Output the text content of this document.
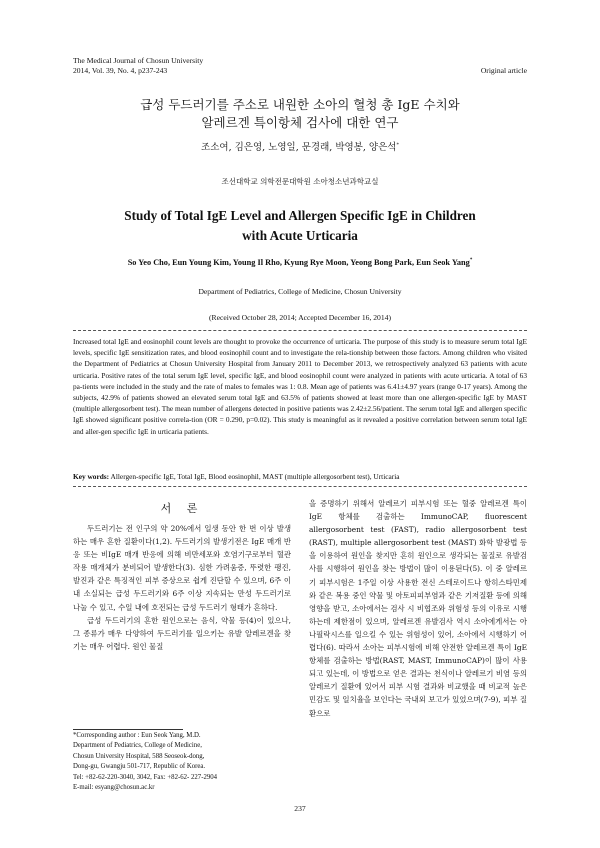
The Medical Journal of Chosun University
2014, Vol. 39, No. 4, p237-243	Original article
급성 두드러기를 주소로 내원한 소아의 혈청 총 IgE 수치와
알레르겐 특이항체 검사에 대한 연구
조소여, 김은영, 노영일, 문경래, 박영봉, 양은석*
조선대학교 의학전문대학원 소아청소년과학교실
Study of Total IgE Level and Allergen Specific IgE in Children
with Acute Urticaria
So Yeo Cho, Eun Young Kim, Young Il Rho, Kyung Rye Moon, Yeong Bong Park, Eun Seok Yang*
Department of Pediatrics, College of Medicine, Chosun University
(Received October 28, 2014; Accepted December 16, 2014)
Increased total IgE and eosinophil count levels are thought to provoke the occurrence of urticaria. The purpose of this study is to measure serum total IgE levels, specific IgE sensitization rates, and blood eosinophil count and to investigate the rela-tionship between those factors. Among children who visited the Department of Pediatrics at Chosun University Hospital from January 2011 to December 2013, we retrospectively analyzed 63 patients with acute urticaria. Positive rates of the total serum IgE level, specific IgE, and blood eosinophil count were analyzed in patients with acute urticaria. A total of 63 pa-tients were included in the study and the rate of males to females was 1: 0.8. Mean age of patients was 6.41±4.97 years (range 0-17 years). Among the subjects, 42.9% of patients showed an elevated serum total IgE and 63.5% of patients showed at least more than one allergen-specific IgE by MAST (multiple allergosorbent test). The mean number of allergens detected in positive patients was 2.42±2.56/patient. The serum total IgE and allergen specific IgE showed significant positive correla-tion (OR = 0.290, p=0.02). This study is meaningful as it revealed a positive correlation between serum total IgE and aller-gen specific IgE in urticaria patients.
Key words: Allergen-specific IgE, Total IgE, Blood eosinophil, MAST (multiple allergosorbent test), Urticaria
서 론

두드러기는 전 인구의 약 20%에서 일생 동안 한 번 이상 발생하는 매우 흔한 질환이다(1,2). 두드러기의 발생기전은 IgE 매개 반응 또는 비IgE 매개 반응에 의해 비만세포와 호염기구로부터 혈관 작용 매개체가 분비되어 발생한다(3). 심한 가려움증, 뚜렷한 팽진, 발진과 같은 특징적인 피부 증상으로 쉽게 진단할 수 있으며, 6주 이내 소실되는 급성 두드러기와 6주 이상 지속되는 만성 두드러기로 나눌 수 있고, 수일 내에 호전되는 급성 두드러기 형태가 흔하다.

급성 두드러기의 흔한 원인으로는 음식, 약물 등(4)이 있으나, 그 종류가 매우 다양하여 두드러기를 일으키는 유발 알레르겐을 찾기는 매우 어렵다. 원인 물질

을 증명하기 위해서 알레르기 피부시험 또는 혈중 알레르겐 특이 IgE 항체를 검출하는 ImmunoCAP, fluorescent allergosorbent test (FAST), radio allergosorbent test (RAST), multiple allergosorbent test (MAST) 화학 발광법 등을 이용하여 원인을 찾지만 흔히 원인으로 생각되는 물질로 유발검사를 시행하여 원인을 찾는 방법이 많이 이용된다(5). 이 중 알레르기 피부시험은 1주일 이상 사용한 전신 스테로이드나 항히스타민제와 같은 복용 중인 약물 및 아토피피부염과 같은 기저질환 등에 의해 영향을 받고, 소아에서는 검사 시 비협조와 위험성 등의 이유로 시행하는데 제한점이 있으며, 알레르겐 유발검사 역시 소아에게서는 아나필락시스를 일으킬 수 있는 위험성이 있어, 소아에서 시행하기 어렵다(6). 따라서 소아는 피부시험에 비해 안전한 알레르겐 특이 IgE 항체를 검출하는 방법(RAST, MAST, ImmunoCAP)이 많이 사용되고 있는데, 이 방법으로 얻은 결과는 천식이나 알레르기 비염 등의 알레르기 질환에 있어서 피부 시험 결과와 비교했을 때 비교적 높은 민감도 및 일치율을 보인다는 국내외 보고가 있었으며(7-9), 피부 질환으로

*Corresponding author : Eun Seok Yang, M.D.
Department of Pediatrics, College of Medicine,
Chosun University Hospital, 588 Seoseok-dong,
Dong-gu, Gwangju 501-717, Republic of Korea.
Tel: +82-62-220-3040, 3042, Fax: +82-62- 227-2904
E-mail: esyang@chosun.ac.kr
237
